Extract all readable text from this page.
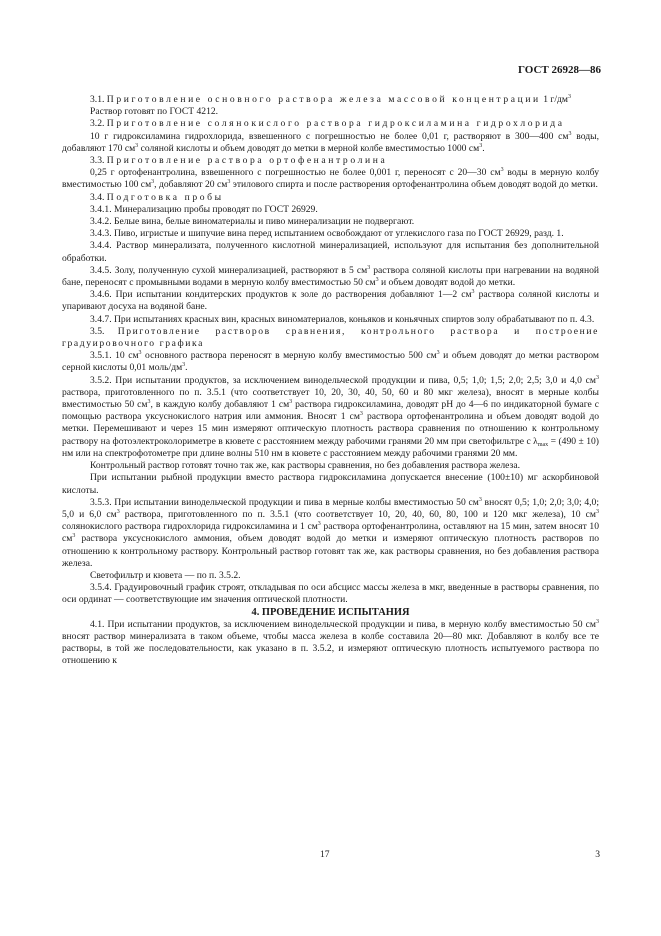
ГОСТ 26928—86

3.1. Приготовление основного раствора железа массовой концентрации 1 $г/дм^3$

Раствор готовят по ГОСТ 4212.

3.2. Приготовление солянокислого раствора гидроксиламина гидрохлорида

10 г гидроксиламина гидрохлорида, взвешенного с погрешностью не более 0,01 г, растворяют в 300—400 $см^3$ воды, добавляют 170 $см^3$ соляной кислоты и объем доводят до метки в мерной колбе вместимостью 1000 $см^3$.

3.3. Приготовление раствора ортофенантролина

0,25 г ортофенантролина, взвешенного с погрешностью не более 0,001 г, переносят с 20—30 $см^3$ воды в мерную колбу вместимостью 100 $см^3$, добавляют 20 $см^3$ этилового спирта и после растворения ортофенантролина объем доводят водой до метки.

3.4. Подготовка пробы

3.4.1. Минерализацию пробы проводят по ГОСТ 26929.

3.4.2. Белые вина, белые виноматериалы и пиво минерализации не подвергают.

3.4.3. Пиво, игристые и шипучие вина перед испытанием освобождают от углекислого газа по ГОСТ 26929, разд. 1.

3.4.4. Раствор минерализата, полученного кислотной минерализацией, используют для испытания без дополнительной обработки.

3.4.5. Золу, полученную сухой минерализацией, растворяют в 5 $см^3$ раствора соляной кислоты при нагревании на водяной бане, переносят с промывными водами в мерную колбу вместимостью 50 $см^3$ и объем доводят водой до метки.

3.4.6. При испытании кондитерских продуктов к золе до растворения добавляют 1—2 $см^3$ раствора соляной кислоты и упаривают досуха на водяной бане.

3.4.7. При испытаниях красных вин, красных виноматериалов, коньяков и коньячных спиртов золу обрабатывают по п. 4.3.

3.5. Приготовление растворов сравнения, контрольного раствора и построение градуировочного графика

3.5.1. 10 $см^3$ основного раствора переносят в мерную колбу вместимостью 500 $см^3$ и объем доводят до метки раствором серной кислоты 0,01 моль/$дм^3$.

3.5.2. При испытании продуктов, за исключением винодельческой продукции и пива, 0,5; 1,0; 1,5; 2,0; 2,5; 3,0 и 4,0 $см^3$ раствора, приготовленного по п. 3.5.1 (что соответствует 10, 20, 30, 40, 50, 60 и 80 мкг железа), вносят в мерные колбы вместимостью 50 $см^3$, в каждую колбу добавляют 1 $см^3$ раствора гидроксиламина, доводят pH до 4—6 по индикаторной бумаге с помощью раствора уксуснокислого натрия или аммония. Вносят 1 $см^3$ раствора ортофенантролина и объем доводят водой до метки. Перемешивают и через 15 мин измеряют оптическую плотность раствора сравнения по отношению к контрольному раствору на фотоэлектроколориметре в кювете с расстоянием между рабочими гранями 20 мм при светофильтре с $\lambda_{max} = (490 \pm 10)$ нм или на спектрофотометре при длине волны 510 нм в кювете с расстоянием между рабочими гранями 20 мм.

Контрольный раствор готовят точно так же, как растворы сравнения, но без добавления раствора железа.

При испытании рыбной продукции вместо раствора гидроксиламина допускается внесение (100±10) мг аскорбиновой кислоты.

3.5.3. При испытании винодельческой продукции и пива в мерные колбы вместимостью 50 $см^3$ вносят 0,5; 1,0; 2,0; 3,0; 4,0; 5,0 и 6,0 $см^3$ раствора, приготовленного по п. 3.5.1 (что соответствует 10, 20, 40, 60, 80, 100 и 120 мкг железа), 10 $см^3$ солянокислого раствора гидрохлорида гидроксиламина и 1 $см^3$ раствора ортофенантролина, оставляют на 15 мин, затем вносят 10 $см^3$ раствора уксуснокислого аммония, объем доводят водой до метки и измеряют оптическую плотность растворов по отношению к контрольному раствору. Контрольный раствор готовят так же, как растворы сравнения, но без добавления раствора железа.

Светофильтр и кювета — по п. 3.5.2.

3.5.4. Градуировочный график строят, откладывая по оси абсцисс массы железа в мкг, введенные в растворы сравнения, по оси ординат — соответствующие им значения оптической плотности.

4. ПРОВЕДЕНИЕ ИСПЫТАНИЯ

4.1. При испытании продуктов, за исключением винодельческой продукции и пива, в мерную колбу вместимостью 50 $см^3$ вносят раствор минерализата в таком объеме, чтобы масса железа в колбе составила 20—80 мкг. Добавляют в колбу все те растворы, в той же последовательности, как указано в п. 3.5.2, и измеряют оптическую плотность испытуемого раствора по отношению к

17	3
